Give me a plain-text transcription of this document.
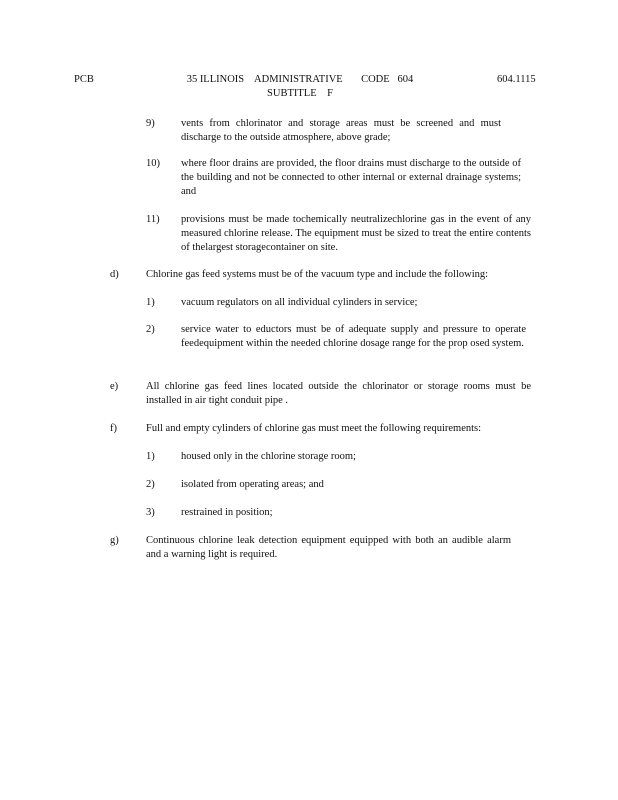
PCB	35 ILLINOIS    ADMINISTRATIVE       CODE   604
SUBTITLE    F
604.1115
9)	vents from chlorinator and storage areas must be screened and must discharge to the outside atmosphere, above grade;
10) where floor drains are provided, the floor drains must discharge to the outside of the building and not be connected to other internal or external drainage systems; and
11) provisions must be made tochemically neutralizechlorine gas in the event of any measured chlorine release. The equipment must be sized to treat the entire contents of thelargest storagecontainer on site.
d)	Chlorine gas feed systems must be of the vacuum type and include the following:
1)	vacuum regulators on all individual cylinders in service;
2)	service water to eductors must be of adequate supply and pressure to operate feedequipment within the needed chlorine dosage range for the prop osed system.
e)	All chlorine gas feed lines located outside the chlorinator or storage rooms must be installed in air tight conduit pipe .
f)	Full and empty cylinders of chlorine gas must meet the following requirements:
1)	housed only in the chlorine storage room;
2)	isolated from operating areas; and
3)	restrained in position;
g)	Continuous chlorine leak detection equipment equipped with both an audible alarm and a warning light is required.
